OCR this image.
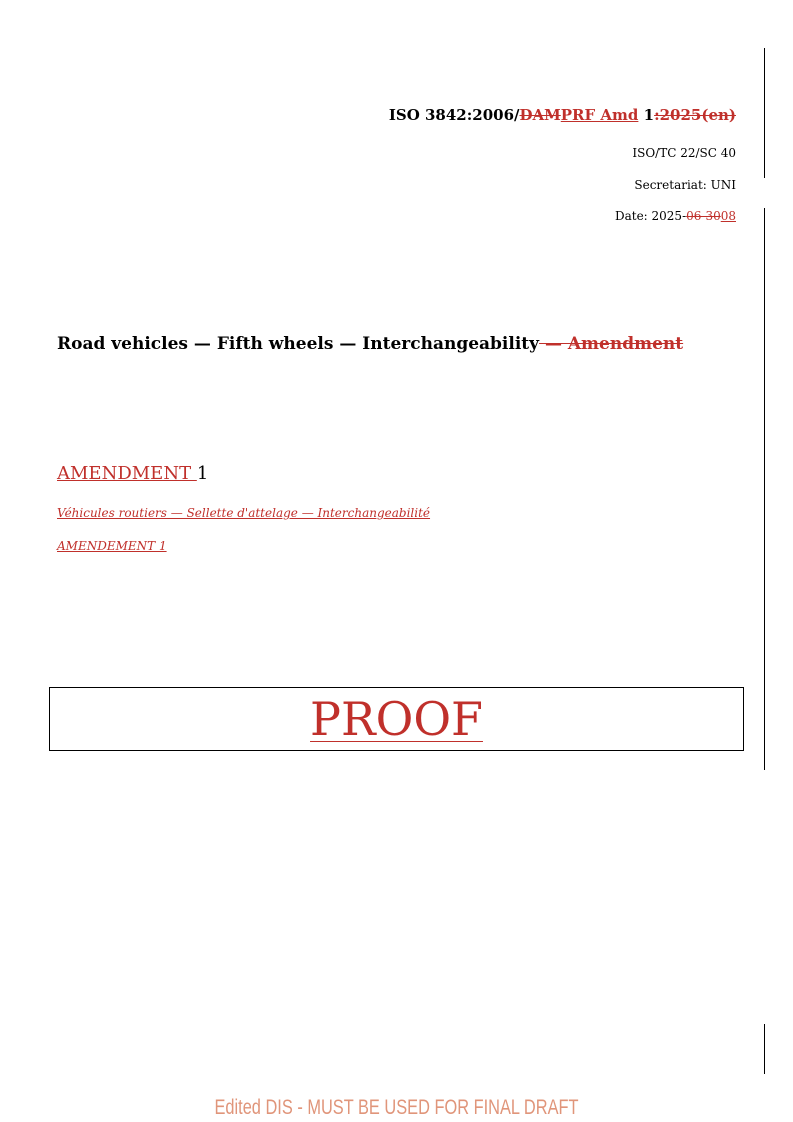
ISO 3842:2006/DAMPRF Amd 1:2025(en)
ISO/TC 22/SC 40
Secretariat: UNI
Date: 2025-06-3008
Road vehicles — Fifth wheels — Interchangeability — Amendment
AMENDMENT 1
Véhicules routiers — Sellette d'attelage — Interchangeabilité
AMENDEMENT 1
PROOF
Edited DIS - MUST BE USED FOR FINAL DRAFT
